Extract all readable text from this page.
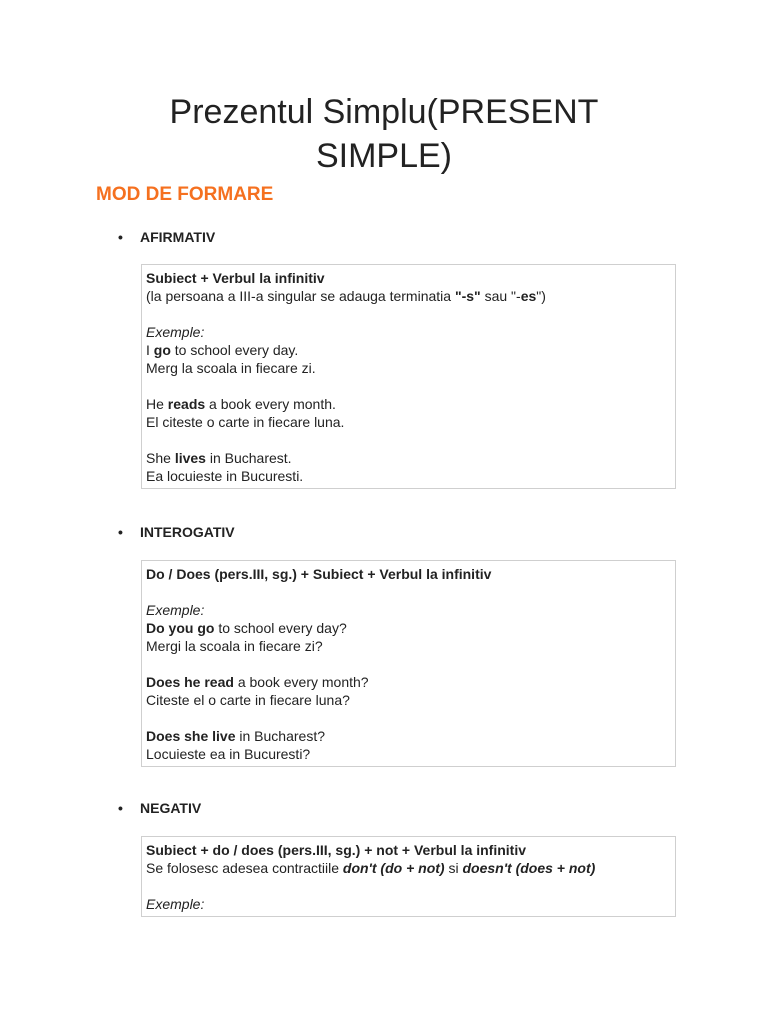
Prezentul Simplu(PRESENT
SIMPLE)
MOD DE FORMARE
• AFIRMATIV
Subiect + Verbul la infinitiv
(la persoana a III-a singular se adauga terminatia "-s" sau "-es")
Exemple:
I go to school every day.
Merg la scoala in fiecare zi.
He reads a book every month.
El citeste o carte in fiecare luna.
She lives in Bucharest.
Ea locuieste in Bucuresti.
• INTEROGATIV
Do / Does (pers.III, sg.) + Subiect + Verbul la infinitiv
Exemple:
Do you go to school every day?
Mergi la scoala in fiecare zi?
Does he read a book every month?
Citeste el o carte in fiecare luna?
Does she live in Bucharest?
Locuieste ea in Bucuresti?
• NEGATIV
Subiect + do / does (pers.III, sg.) + not + Verbul la infinitiv
Se folosesc adesea contractiile don't (do + not) si doesn't (does + not)
Exemple:
